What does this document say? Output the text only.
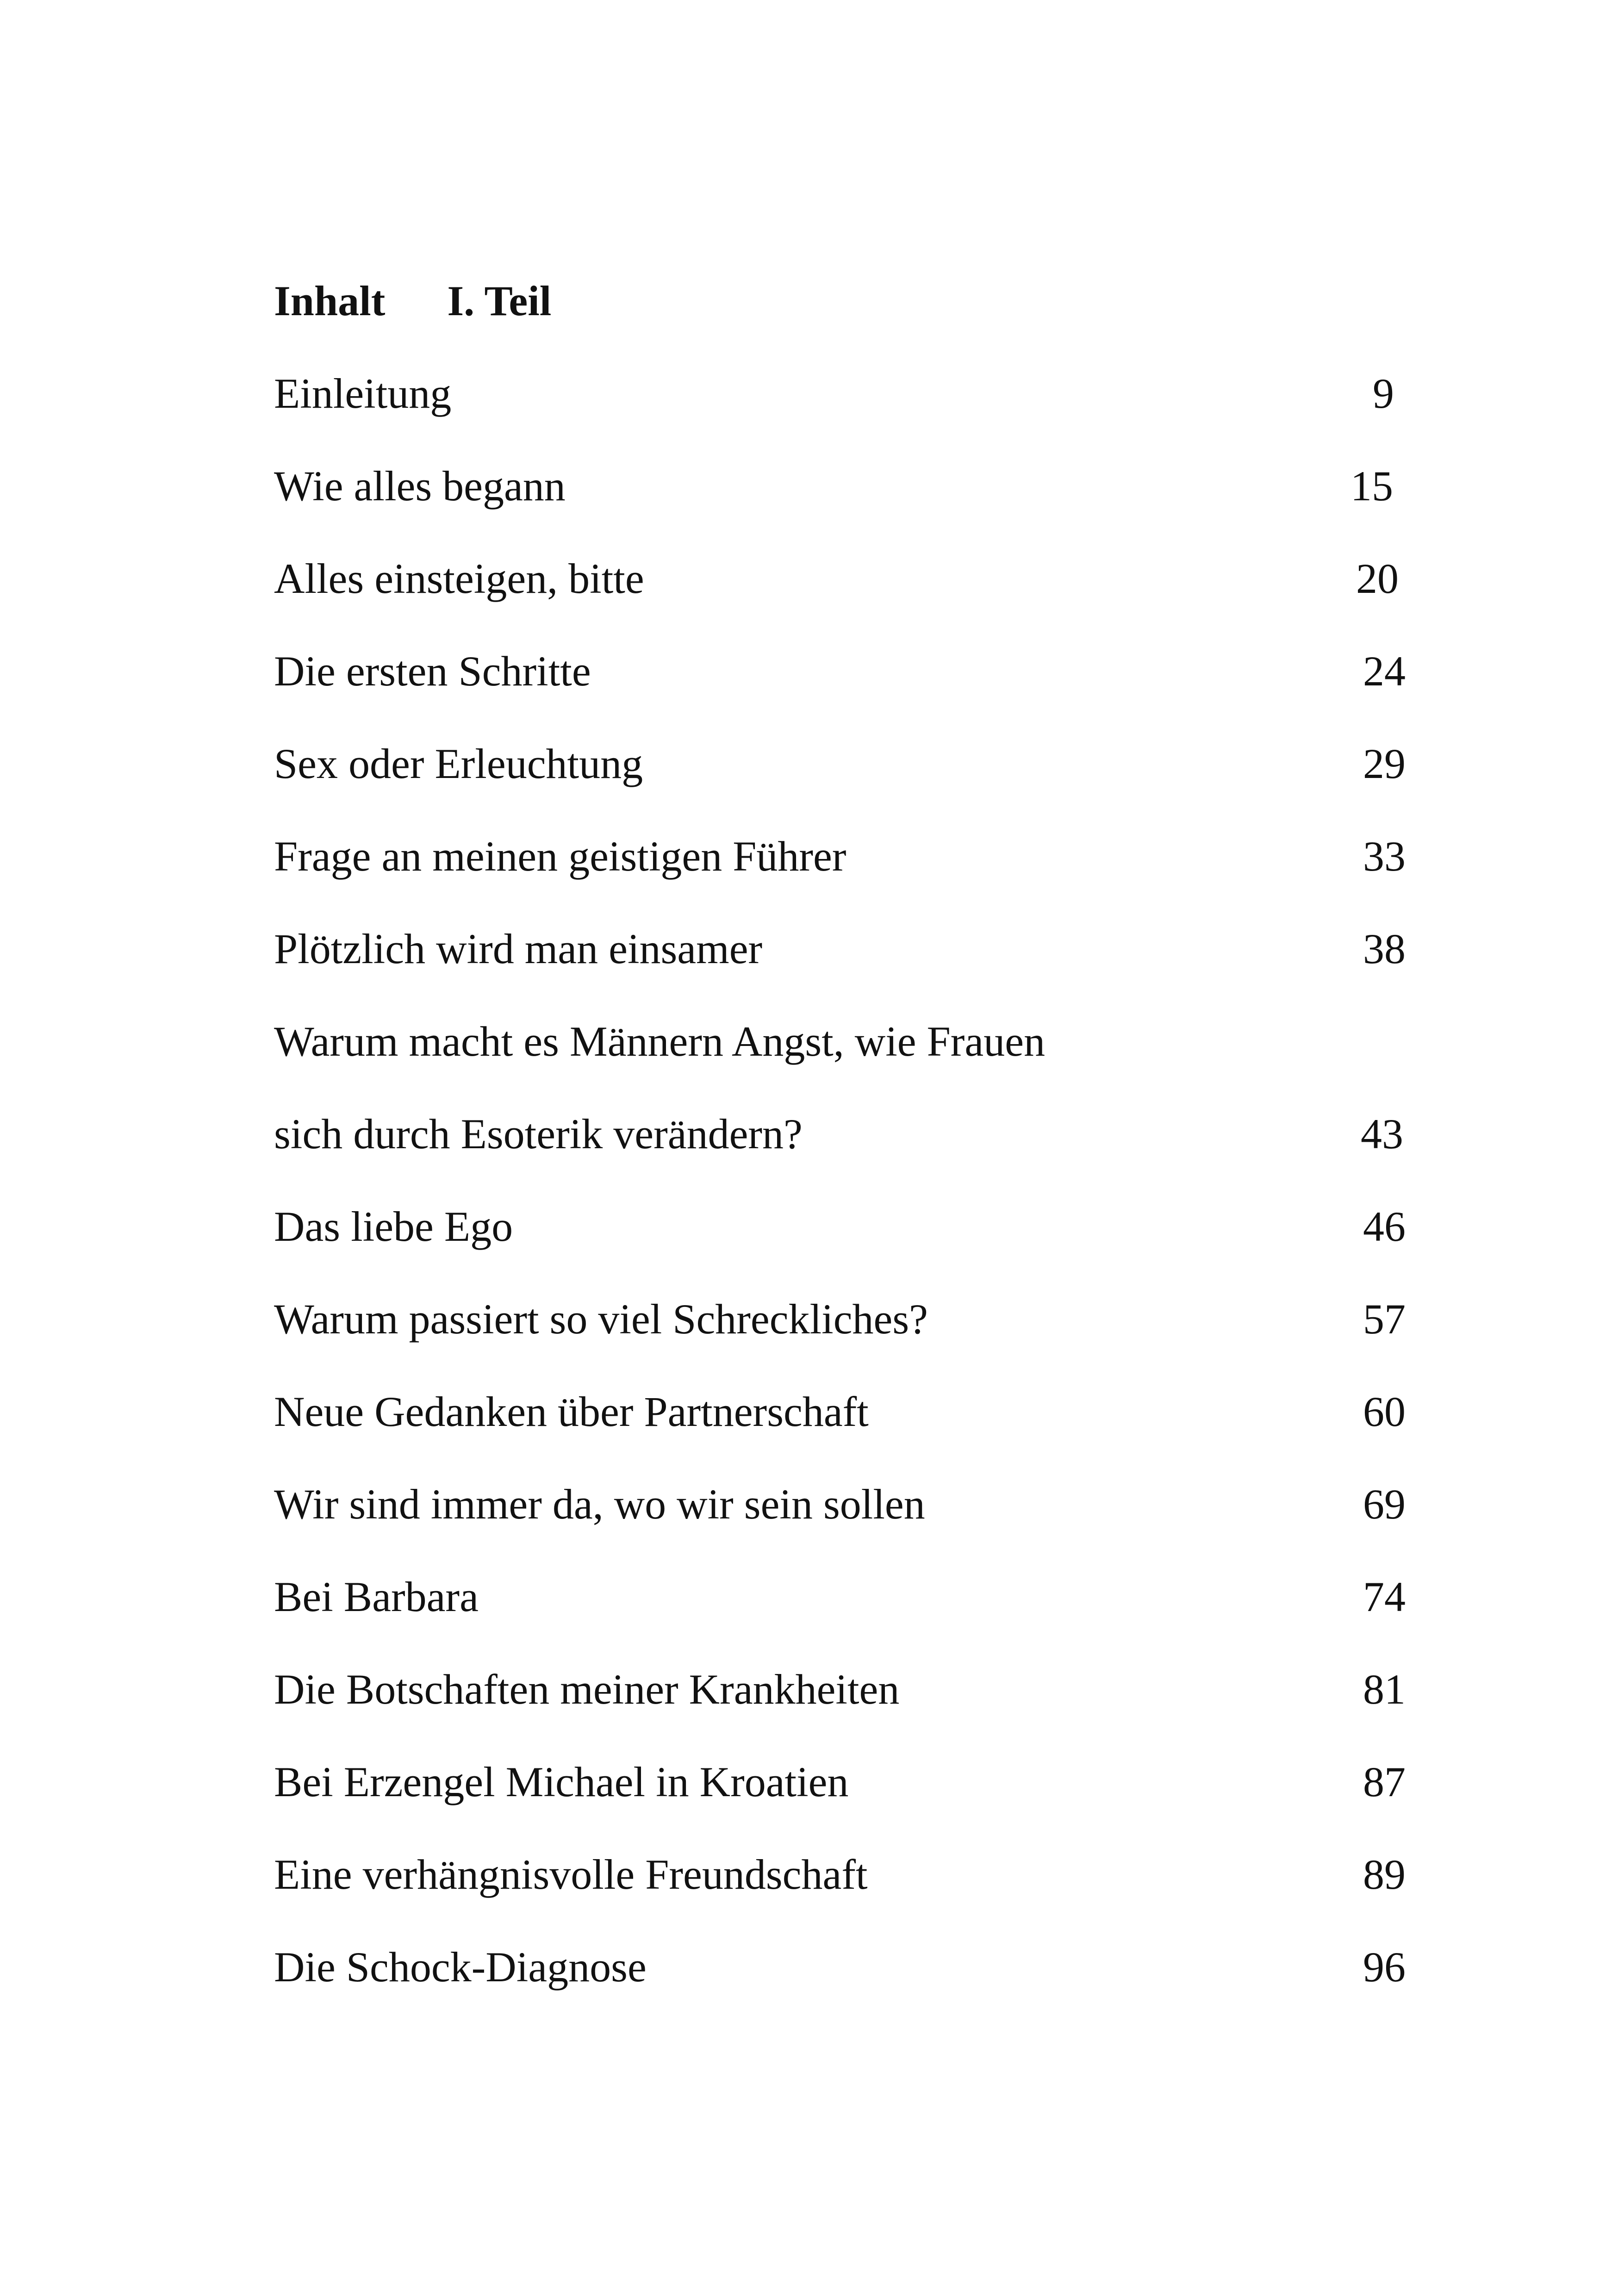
Inhalt I. Teil
Einleitung	9
Wie alles begann	15
Alles einsteigen, bitte	20
Die ersten Schritte	24
Sex oder Erleuchtung	29
Frage an meinen geistigen Führer	33
Plötzlich wird man einsamer	38
Warum macht es Männern Angst, wie Frauen
sich durch Esoterik verändern?	43
Das liebe Ego	46
Warum passiert so viel Schreckliches?	57
Neue Gedanken über Partnerschaft	60
Wir sind immer da, wo wir sein sollen	69
Bei Barbara	74
Die Botschaften meiner Krankheiten	81
Bei Erzengel Michael in Kroatien	87
Eine verhängnisvolle Freundschaft	89
Die Schock-Diagnose	96
